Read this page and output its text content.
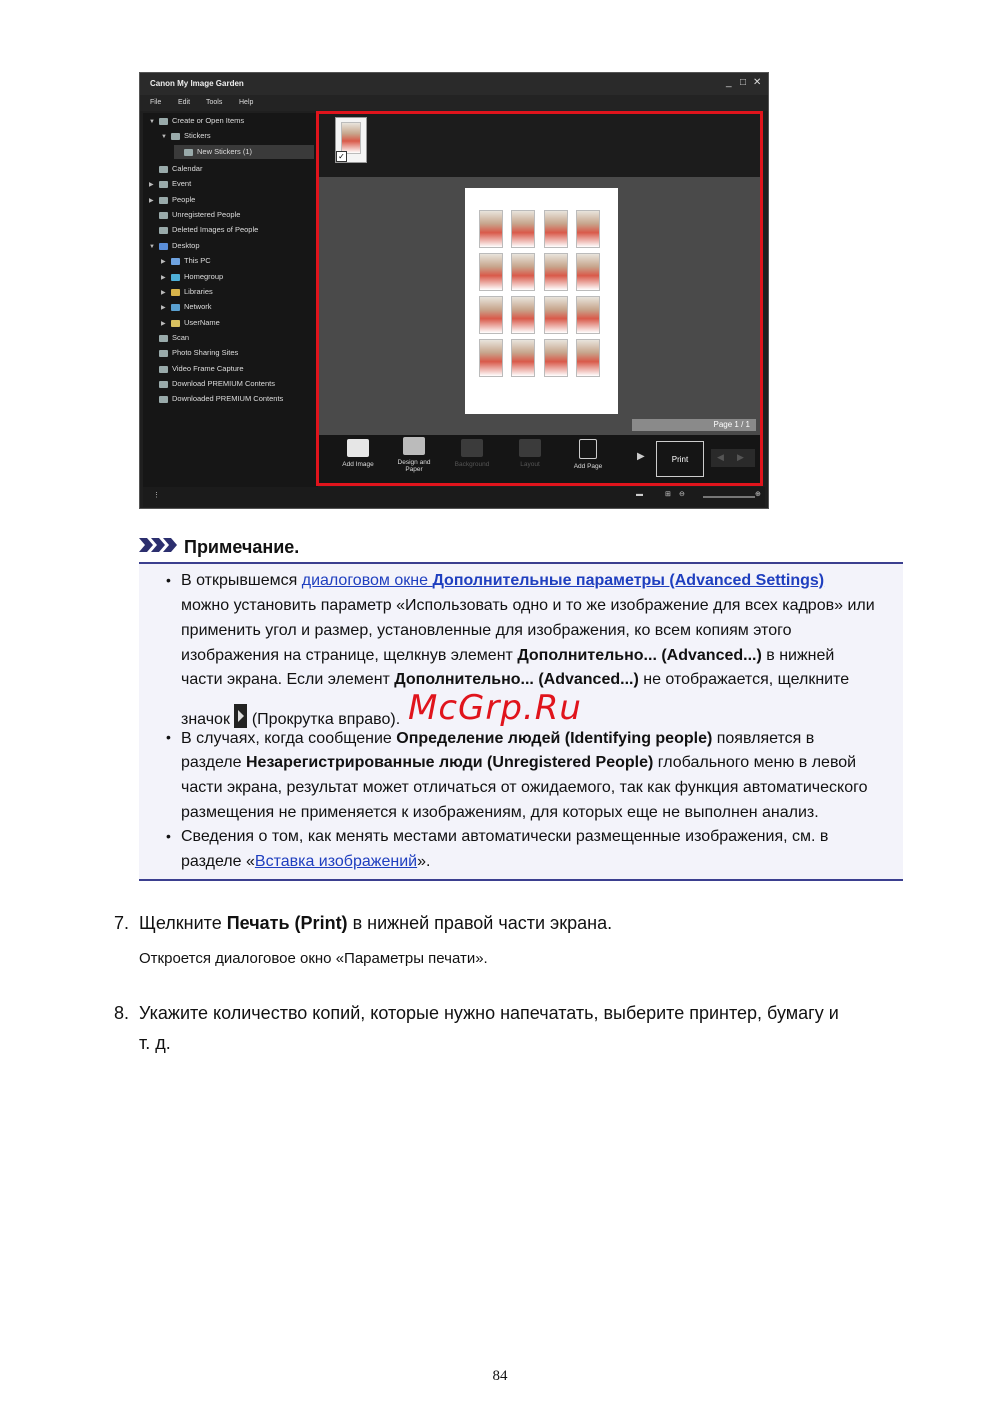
Canon My Image Garden	_ □ ✕
File Edit Tools Help
▼ Create or Open Items
▼ Stickers
New Stickers (1)
Calendar
▶ Event
▶ People
Unregistered People
Deleted Images of People
▼ Desktop
▶ This PC
▶ Homegroup
▶ Libraries
▶ Network
▶ UserName
Scan
Photo Sharing Sites
Video Frame Capture
Download PREMIUM Contents
Downloaded PREMIUM Contents
✓
Page 1 / 1
Add Image	Design and Paper
Background	Layout	Add Page
▶	Print	◀ ▶
⋮	▬	⊞ ⊖	⊕
Примечание.
• В открывшемся диалоговом окне Дополнительные параметры (Advanced Settings)
можно установить параметр «Использовать одно и то же изображение для всех кадров» или
применить угол и размер, установленные для изображения, ко всем копиям этого
изображения на странице, щелкнув элемент Дополнительно... (Advanced...) в нижней
части экрана. Если элемент Дополнительно... (Advanced...) не отображается, щелкните
значок
(Прокрутка вправо). McGrp.Ru
• В случаях, когда сообщение Определение людей (Identifying people) появляется в
разделе Незарегистрированные люди (Unregistered People) глобального меню в левой
части экрана, результат может отличаться от ожидаемого, так как функция автоматического
размещения не применяется к изображениям, для которых еще не выполнен анализ.
• Сведения о том, как менять местами автоматически размещенные изображения, см. в
разделе «Вставка изображений».
7. Щелкните Печать (Print) в нижней правой части экрана.
Откроется диалоговое окно «Параметры печати».
8. Укажите количество копий, которые нужно напечатать, выберите принтер, бумагу и
т. д.
84
